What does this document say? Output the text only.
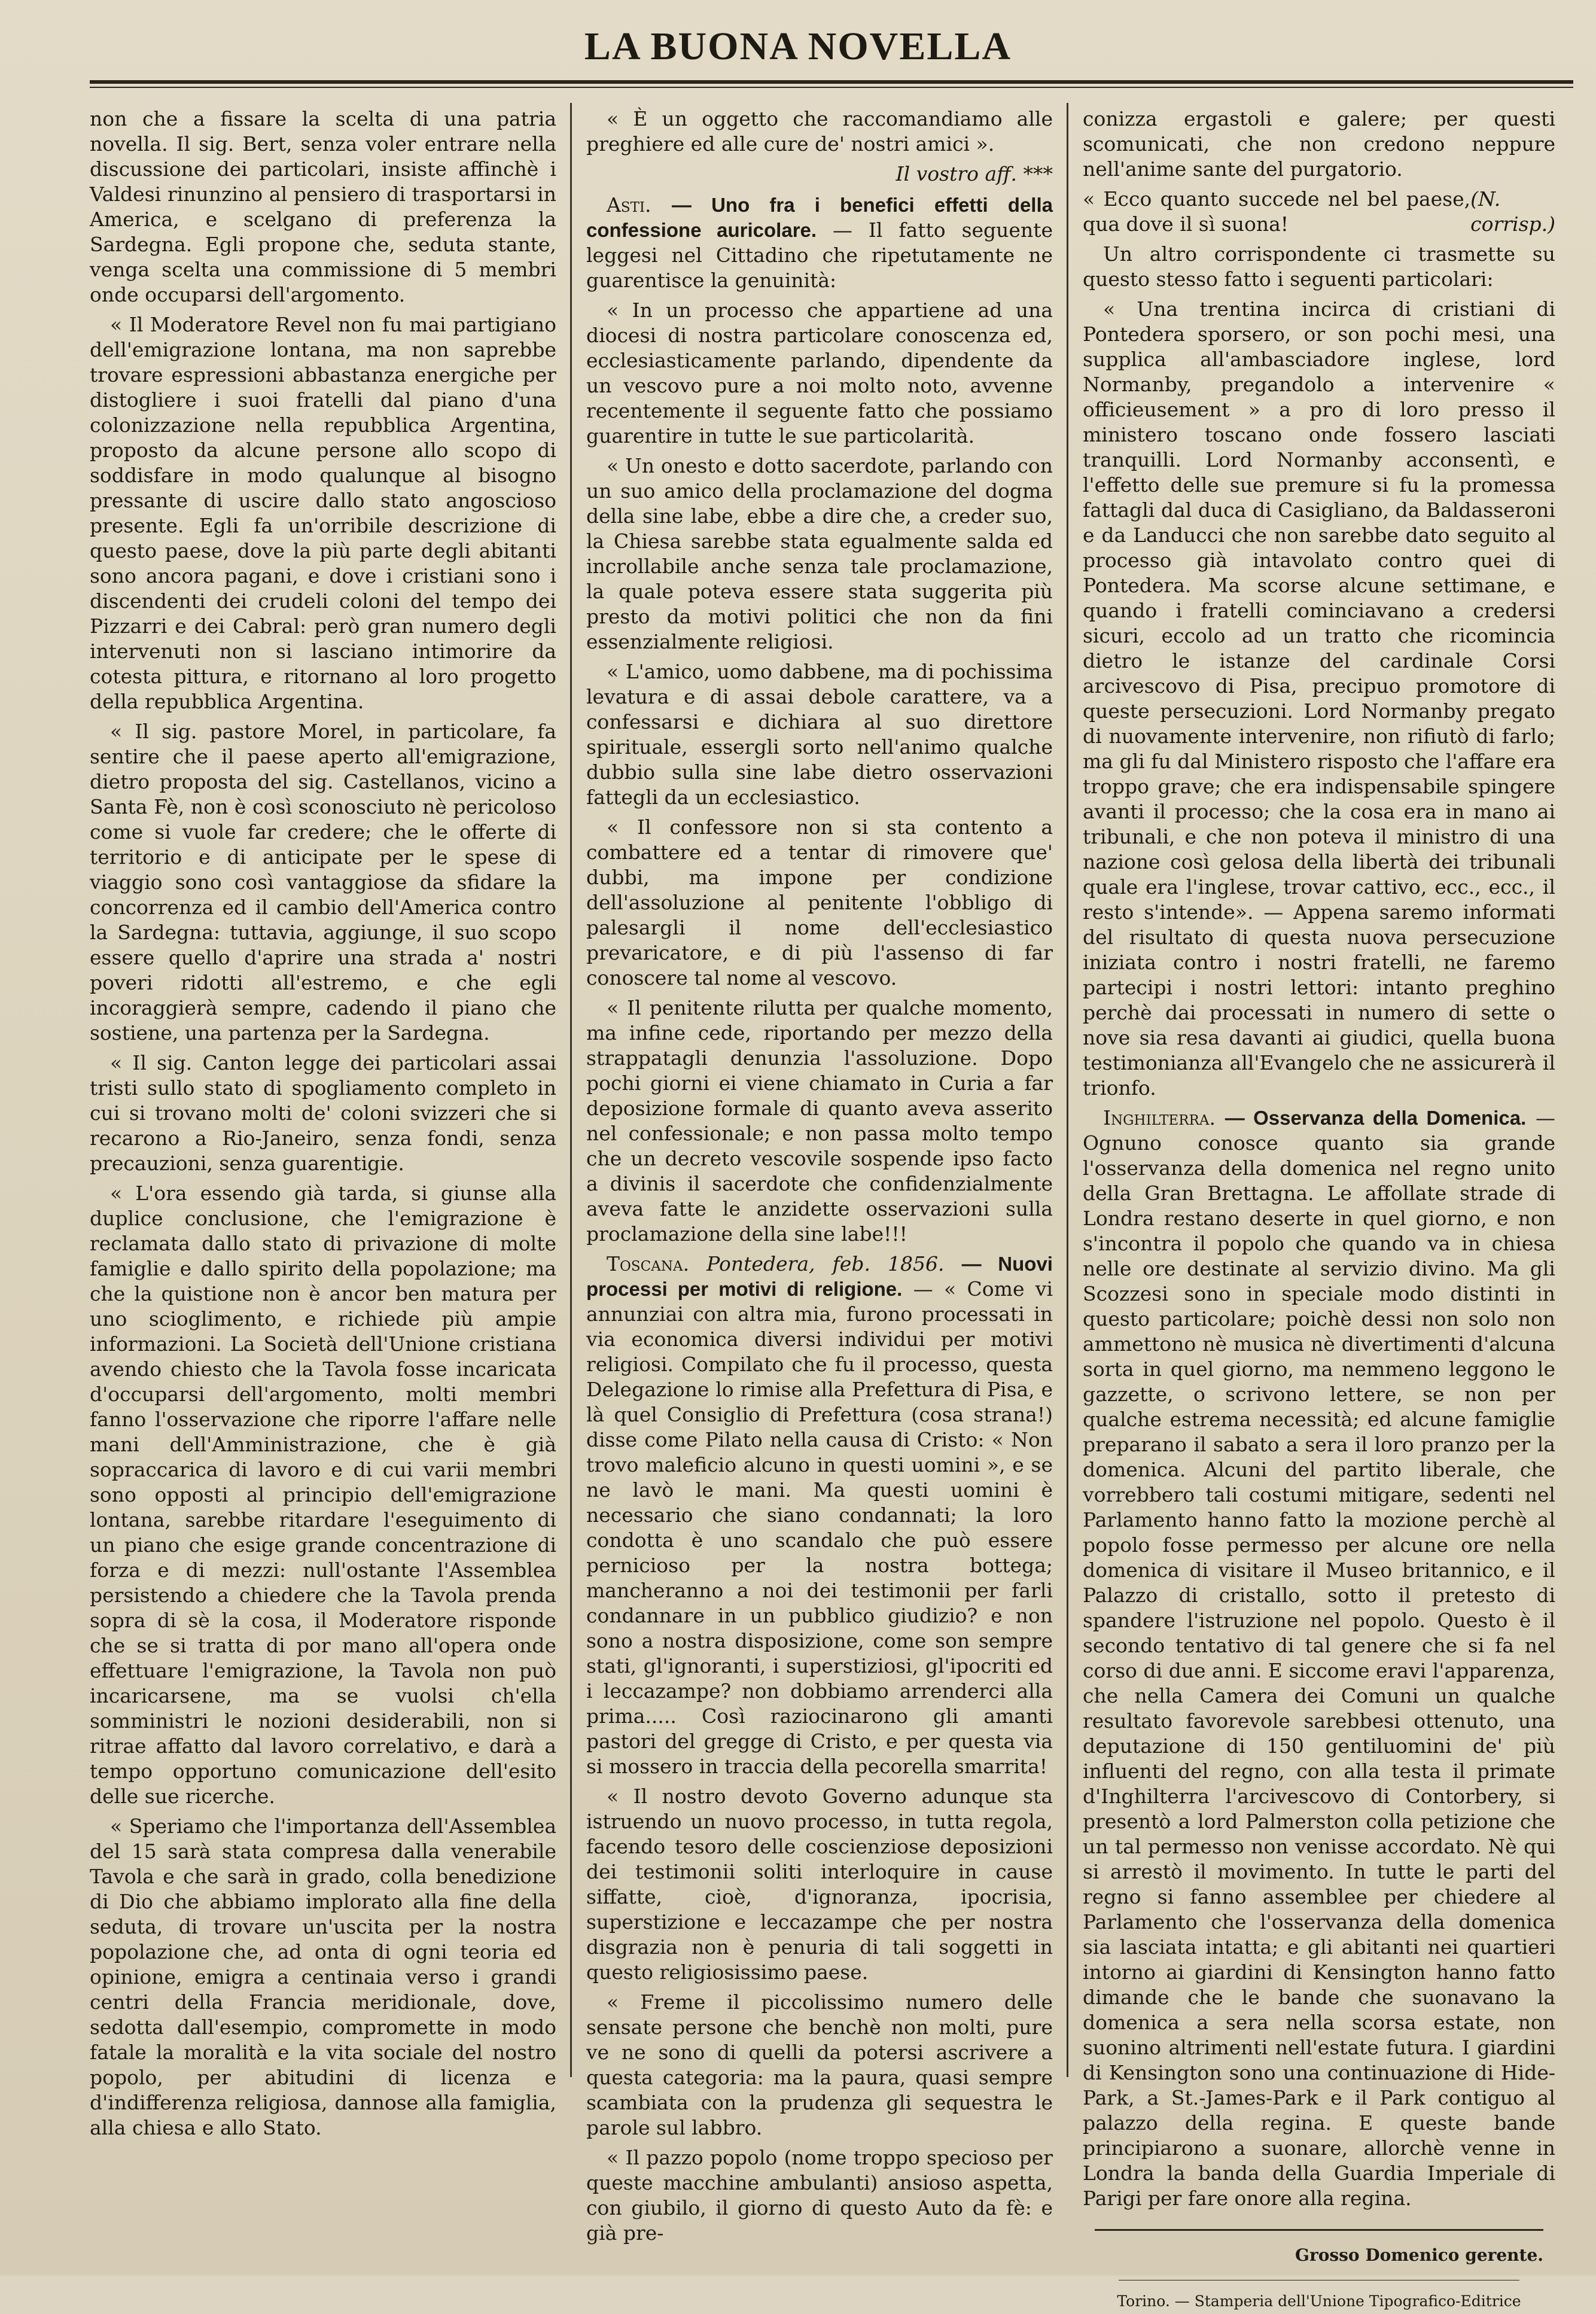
LA BUONA NOVELLA

non che a fissare la scelta di una patria novella. Il sig. Bert, senza voler entrare nella discussione dei particolari, insiste affinchè i Valdesi rinunzino al pensiero di trasportarsi in America, e scelgano di preferenza la Sardegna. Egli propone che, seduta stante, venga scelta una commissione di 5 membri onde occuparsi dell'argomento.

« Il Moderatore Revel non fu mai partigiano dell'emigrazione lontana, ma non saprebbe trovare espressioni abbastanza energiche per distogliere i suoi fratelli dal piano d'una colonizzazione nella repubblica Argentina, proposto da alcune persone allo scopo di soddisfare in modo qualunque al bisogno pressante di uscire dallo stato angoscioso presente. Egli fa un'orribile descrizione di questo paese, dove la più parte degli abitanti sono ancora pagani, e dove i cristiani sono i discendenti dei crudeli coloni del tempo dei Pizzarri e dei Cabral: però gran numero degli intervenuti non si lasciano intimorire da cotesta pittura, e ritornano al loro progetto della repubblica Argentina.

« Il sig. pastore Morel, in particolare, fa sentire che il paese aperto all'emigrazione, dietro proposta del sig. Castellanos, vicino a Santa Fè, non è così sconosciuto nè pericoloso come si vuole far credere; che le offerte di territorio e di anticipate per le spese di viaggio sono così vantaggiose da sfidare la concorrenza ed il cambio dell'America contro la Sardegna: tuttavia, aggiunge, il suo scopo essere quello d'aprire una strada a' nostri poveri ridotti all'estremo, e che egli incoraggierà sempre, cadendo il piano che sostiene, una partenza per la Sardegna.

« Il sig. Canton legge dei particolari assai tristi sullo stato di spogliamento completo in cui si trovano molti de' coloni svizzeri che si recarono a Rio-Janeiro, senza fondi, senza precauzioni, senza guarentigie.

« L'ora essendo già tarda, si giunse alla duplice conclusione, che l'emigrazione è reclamata dallo stato di privazione di molte famiglie e dallo spirito della popolazione; ma che la quistione non è ancor ben matura per uno scioglimento, e richiede più ampie informazioni. La Società dell'Unione cristiana avendo chiesto che la Tavola fosse incaricata d'occuparsi dell'argomento, molti membri fanno l'osservazione che riporre l'affare nelle mani dell'Amministrazione, che è già sopraccarica di lavoro e di cui varii membri sono opposti al principio dell'emigrazione lontana, sarebbe ritardare l'eseguimento di un piano che esige grande concentrazione di forza e di mezzi: null'ostante l'Assemblea persistendo a chiedere che la Tavola prenda sopra di sè la cosa, il Moderatore risponde che se si tratta di por mano all'opera onde effettuare l'emigrazione, la Tavola non può incaricarsene, ma se vuolsi ch'ella somministri le nozioni desiderabili, non si ritrae affatto dal lavoro correlativo, e darà a tempo opportuno comunicazione dell'esito delle sue ricerche.

« Speriamo che l'importanza dell'Assemblea del 15 sarà stata compresa dalla venerabile Tavola e che sarà in grado, colla benedizione di Dio che abbiamo implorato alla fine della seduta, di trovare un'uscita per la nostra popolazione che, ad onta di ogni teoria ed opinione, emigra a centinaia verso i grandi centri della Francia meridionale, dove, sedotta dall'esempio, compromette in modo fatale la moralità e la vita sociale del nostro popolo, per abitudini di licenza e d'indifferenza religiosa, dannose alla famiglia, alla chiesa e allo Stato.

« È un oggetto che raccomandiamo alle preghiere ed alle cure de' nostri amici ».

Il vostro aff. ***

Asti. — Uno fra i benefici effetti della confessione auricolare. — Il fatto seguente leggesi nel Cittadino che ripetutamente ne guarentisce la genuinità:

« In un processo che appartiene ad una diocesi di nostra particolare conoscenza ed, ecclesiasticamente parlando, dipendente da un vescovo pure a noi molto noto, avvenne recentemente il seguente fatto che possiamo guarentire in tutte le sue particolarità.

« Un onesto e dotto sacerdote, parlando con un suo amico della proclamazione del dogma della sine labe, ebbe a dire che, a creder suo, la Chiesa sarebbe stata egualmente salda ed incrollabile anche senza tale proclamazione, la quale poteva essere stata suggerita più presto da motivi politici che non da fini essenzialmente religiosi.

« L'amico, uomo dabbene, ma di pochissima levatura e di assai debole carattere, va a confessarsi e dichiara al suo direttore spirituale, essergli sorto nell'animo qualche dubbio sulla sine labe dietro osservazioni fattegli da un ecclesiastico.

« Il confessore non si sta contento a combattere ed a tentar di rimovere que' dubbi, ma impone per condizione dell'assoluzione al penitente l'obbligo di palesargli il nome dell'ecclesiastico prevaricatore, e di più l'assenso di far conoscere tal nome al vescovo.

« Il penitente rilutta per qualche momento, ma infine cede, riportando per mezzo della strappatagli denunzia l'assoluzione. Dopo pochi giorni ei viene chiamato in Curia a far deposizione formale di quanto aveva asserito nel confessionale; e non passa molto tempo che un decreto vescovile sospende ipso facto a divinis il sacerdote che confidenzialmente aveva fatte le anzidette osservazioni sulla proclamazione della sine labe!!!

Toscana. Pontedera, feb. 1856. — Nuovi processi per motivi di religione. — « Come vi annunziai con altra mia, furono processati in via economica diversi individui per motivi religiosi. Compilato che fu il processo, questa Delegazione lo rimise alla Prefettura di Pisa, e là quel Consiglio di Prefettura (cosa strana!) disse come Pilato nella causa di Cristo: « Non trovo maleficio alcuno in questi uomini », e se ne lavò le mani. Ma questi uomini è necessario che siano condannati; la loro condotta è uno scandalo che può essere pernicioso per la nostra bottega; mancheranno a noi dei testimonii per farli condannare in un pubblico giudizio? e non sono a nostra disposizione, come son sempre stati, gl'ignoranti, i superstiziosi, gl'ipocriti ed i leccazampe? non dobbiamo arrenderci alla prima..... Così raziocinarono gli amanti pastori del gregge di Cristo, e per questa via si mossero in traccia della pecorella smarrita!

« Il nostro devoto Governo adunque sta istruendo un nuovo processo, in tutta regola, facendo tesoro delle coscienziose deposizioni dei testimonii soliti interloquire in cause siffatte, cioè, d'ignoranza, ipocrisia, superstizione e leccazampe che per nostra disgrazia non è penuria di tali soggetti in questo religiosissimo paese.

« Freme il piccolissimo numero delle sensate persone che benchè non molti, pure ve ne sono di quelli da potersi ascrivere a questa categoria: ma la paura, quasi sempre scambiata con la prudenza gli sequestra le parole sul labbro.

« Il pazzo popolo (nome troppo specioso per queste macchine ambulanti) ansioso aspetta, con giubilo, il giorno di questo Auto da fè: e già pre-

conizza ergastoli e galere; per questi scomunicati, che non credono neppure nell'anime sante del purgatorio.

« Ecco quanto succede nel bel paese, qua dove il sì suona!
(N. corrisp.)

Un altro corrispondente ci trasmette su questo stesso fatto i seguenti particolari:

« Una trentina incirca di cristiani di Pontedera sporsero, or son pochi mesi, una supplica all'ambasciadore inglese, lord Normanby, pregandolo a intervenire « officieusement » a pro di loro presso il ministero toscano onde fossero lasciati tranquilli. Lord Normanby acconsentì, e l'effetto delle sue premure si fu la promessa fattagli dal duca di Casigliano, da Baldasseroni e da Landucci che non sarebbe dato seguito al processo già intavolato contro quei di Pontedera. Ma scorse alcune settimane, e quando i fratelli cominciavano a credersi sicuri, eccolo ad un tratto che ricomincia dietro le istanze del cardinale Corsi arcivescovo di Pisa, precipuo promotore di queste persecuzioni. Lord Normanby pregato di nuovamente intervenire, non rifiutò di farlo; ma gli fu dal Ministero risposto che l'affare era troppo grave; che era indispensabile spingere avanti il processo; che la cosa era in mano ai tribunali, e che non poteva il ministro di una nazione così gelosa della libertà dei tribunali quale era l'inglese, trovar cattivo, ecc., ecc., il resto s'intende». — Appena saremo informati del risultato di questa nuova persecuzione iniziata contro i nostri fratelli, ne faremo partecipi i nostri lettori: intanto preghino perchè dai processati in numero di sette o nove sia resa davanti ai giudici, quella buona testimonianza all'Evangelo che ne assicurerà il trionfo.

Inghilterra. — Osservanza della Domenica. — Ognuno conosce quanto sia grande l'osservanza della domenica nel regno unito della Gran Brettagna. Le affollate strade di Londra restano deserte in quel giorno, e non s'incontra il popolo che quando va in chiesa nelle ore destinate al servizio divino. Ma gli Scozzesi sono in speciale modo distinti in questo particolare; poichè dessi non solo non ammettono nè musica nè divertimenti d'alcuna sorta in quel giorno, ma nemmeno leggono le gazzette, o scrivono lettere, se non per qualche estrema necessità; ed alcune famiglie preparano il sabato a sera il loro pranzo per la domenica. Alcuni del partito liberale, che vorrebbero tali costumi mitigare, sedenti nel Parlamento hanno fatto la mozione perchè al popolo fosse permesso per alcune ore nella domenica di visitare il Museo britannico, e il Palazzo di cristallo, sotto il pretesto di spandere l'istruzione nel popolo. Questo è il secondo tentativo di tal genere che si fa nel corso di due anni. E siccome eravi l'apparenza, che nella Camera dei Comuni un qualche resultato favorevole sarebbesi ottenuto, una deputazione di 150 gentiluomini de' più influenti del regno, con alla testa il primate d'Inghilterra l'arcivescovo di Contorbery, si presentò a lord Palmerston colla petizione che un tal permesso non venisse accordato. Nè qui si arrestò il movimento. In tutte le parti del regno si fanno assemblee per chiedere al Parlamento che l'osservanza della domenica sia lasciata intatta; e gli abitanti nei quartieri intorno ai giardini di Kensington hanno fatto dimande che le bande che suonavano la domenica a sera nella scorsa estate, non suonino altrimenti nell'estate futura. I giardini di Kensington sono una continuazione di Hide-Park, a St.-James-Park e il Park contiguo al palazzo della regina. E queste bande principiarono a suonare, allorchè venne in Londra la banda della Guardia Imperiale di Parigi per fare onore alla regina.

Grosso Domenico gerente.

Torino. — Stamperia dell'Unione Tipografico-Editrice
